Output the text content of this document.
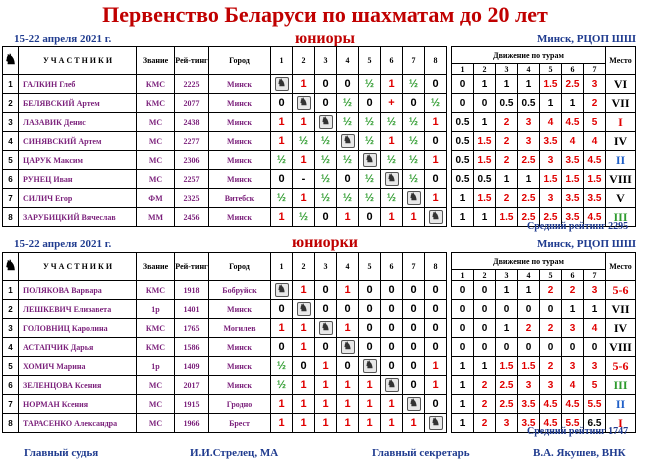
Первенство Беларуси по шахматам до 20 лет
15-22 апреля 2021 г.	юниоры	Минск, РЦОП ШШ
♞	У Ч А С Т Н И К И	Звание	Рей-тинг	Город	1	2	3	4	5	6	7	8		Движение по турам							Место
														1	2	3	4	5	6	7	
1	ГАЛКИН Глеб	КМС	2225	Минск	♞	1	0	0	½	1	½	0		0	1	1	1	1.5	2.5	3	VI
2	БЕЛЯВСКИЙ Артем	КМС	2077	Минск	0	♞	0	½	0	+	0	½		0	0	0.5	0.5	1	1	2	VII
3	ЛАЗАВИК Денис	МС	2438	Минск	1	1	♞	½	½	½	½	1		0.5	1	2	3	4	4.5	5	I
4	СИНЯВСКИЙ Артем	МС	2277	Минск	1	½	½	♞	½	1	½	0		0.5	1.5	2	3	3.5	4	4	IV
5	ЦАРУК Максим	МС	2306	Минск	½	1	½	½	♞	½	½	1		0.5	1.5	2	2.5	3	3.5	4.5	II
6	РУНЕЦ Иван	МС	2257	Минск	0	-	½	0	½	♞	½	0		0.5	0.5	1	1	1.5	1.5	1.5	VIII
7	СИЛИЧ Егор	ФМ	2325	Витебск	½	1	½	½	½	½	♞	1		1	1.5	2	2.5	3	3.5	3.5	V
8	ЗАРУБИЦКИЙ Вячеслав	ММ	2456	Минск	1	½	0	1	0	1	1	♞		1	1	1.5	2.5	2.5	3.5	4.5	III
Средний рейтинг 2295
15-22 апреля 2021 г.	юниорки	Минск, РЦОП ШШ
♞	У Ч А С Т Н И К И	Звание	Рей-тинг	Город	1	2	3	4	5	6	7	8		Движение по турам							Место
														1	2	3	4	5	6	7	
1	ПОЛЯКОВА Варвара	КМС	1918	Бобруйск	♞	1	0	1	0	0	0	0		0	0	1	1	2	2	3	5-6
2	ЛЕШКЕВИЧ Елизавета	1р	1401	Минск	0	♞	0	0	0	0	0	0		0	0	0	0	0	1	1	VII
3	ГОЛОВНИЦ Каролина	КМС	1765	Могилев	1	1	♞	1	0	0	0	0		0	0	1	2	2	3	4	IV
4	АСТАПЧИК Дарья	КМС	1586	Минск	0	1	0	♞	0	0	0	0		0	0	0	0	0	0	0	VIII
5	ХОМИЧ Марина	1р	1409	Минск	½	0	1	0	♞	0	0	1		1	1	1.5	1.5	2	3	3	5-6
6	ЗЕЛЕНЦОВА Ксения	МС	2017	Минск	½	1	1	1	1	♞	0	1		1	2	2.5	3	3	4	5	III
7	НОРМАН Ксения	МС	1915	Гродно	1	1	1	1	1	1	♞	0		1	2	2.5	3.5	4.5	4.5	5.5	II
8	ТАРАСЕНКО Александра	МС	1966	Брест	1	1	1	1	1	1	1	♞		1	2	3	3.5	4.5	5.5	6.5	I
Средний рейтинг 1747
Главный судья	И.И.Стрелец, МА	Главный секретарь	В.А. Якушев, ВНК
